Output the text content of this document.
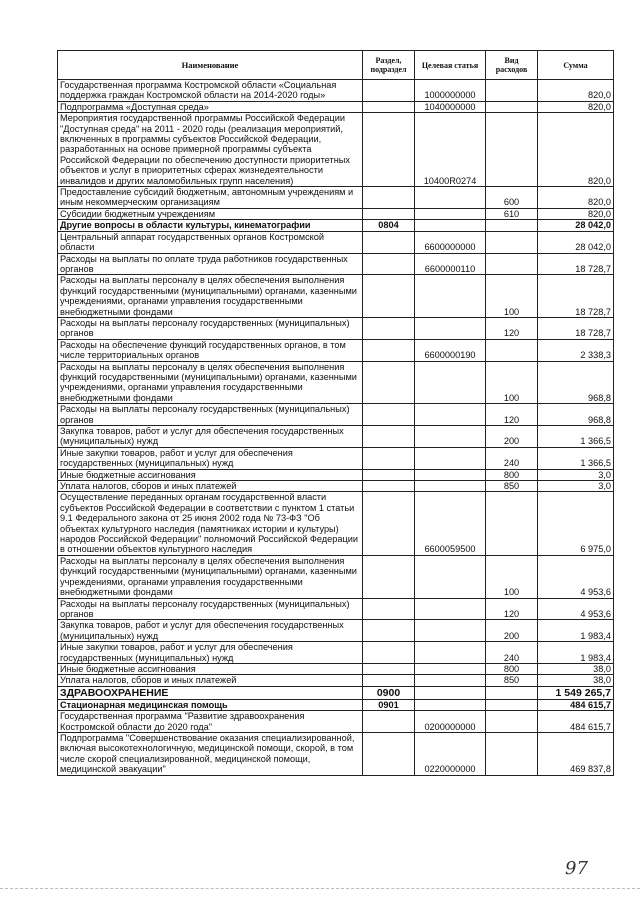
Наименование	Раздел, подраздел	Целевая статья	Вид расходов	Сумма
Государственная программа Костромской области «Социальная поддержка граждан Костромской области на 2014-2020 годы»		1000000000		820,0
Подпрограмма «Доступная среда»		1040000000		820,0
Мероприятия государственной программы Российской Федерации "Доступная среда" на 2011 - 2020 годы (реализация мероприятий, включенных в программы субъектов Российской Федерации, разработанных на основе примерной программы субъекта Российской Федерации по обеспечению доступности приоритетных объектов и услуг в приоритетных сферах жизнедеятельности инвалидов и других маломобильных групп населения)		10400R0274		820,0
Предоставление субсидий бюджетным, автономным учреждениям и иным некоммерческим организациям			600	820,0
Субсидии бюджетным учреждениям			610	820,0
Другие вопросы в области культуры, кинематографии	0804			28 042,0
Центральный аппарат государственных органов Костромской области		6600000000		28 042,0
Расходы на выплаты по оплате труда работников государственных органов		6600000110		18 728,7
Расходы на выплаты персоналу в целях обеспечения выполнения функций государственными (муниципальными) органами, казенными учреждениями, органами управления государственными внебюджетными фондами			100	18 728,7
Расходы на выплаты персоналу государственных (муниципальных) органов			120	18 728,7
Расходы на обеспечение функций государственных органов, в том числе территориальных органов		6600000190		2 338,3
Расходы на выплаты персоналу в целях обеспечения выполнения функций государственными (муниципальными) органами, казенными учреждениями, органами управления государственными внебюджетными фондами			100	968,8
Расходы на выплаты персоналу государственных (муниципальных) органов			120	968,8
Закупка товаров, работ и услуг для обеспечения государственных (муниципальных) нужд			200	1 366,5
Иные закупки товаров, работ и услуг для обеспечения государственных (муниципальных) нужд			240	1 366,5
Иные бюджетные ассигнования			800	3,0
Уплата налогов, сборов и иных платежей			850	3,0
Осуществление переданных органам государственной власти субъектов Российской Федерации в соответствии с пунктом 1 статьи 9.1 Федерального закона от 25 июня 2002 года № 73-ФЗ "Об объектах культурного наследия (памятниках истории и культуры) народов Российской Федерации" полномочий Российской Федерации в отношении объектов культурного наследия		6600059500		6 975,0
Расходы на выплаты персоналу в целях обеспечения выполнения функций государственными (муниципальными) органами, казенными учреждениями, органами управления государственными внебюджетными фондами			100	4 953,6
Расходы на выплаты персоналу государственных (муниципальных) органов			120	4 953,6
Закупка товаров, работ и услуг для обеспечения государственных (муниципальных) нужд			200	1 983,4
Иные закупки товаров, работ и услуг для обеспечения государственных (муниципальных) нужд			240	1 983,4
Иные бюджетные ассигнования			800	38,0
Уплата налогов, сборов и иных платежей			850	38,0
ЗДРАВООХРАНЕНИЕ	0900			1 549 265,7
Стационарная медицинская помощь	0901			484 615,7
Государственная программа "Развитие здравоохранения Костромской области до 2020 года"		0200000000		484 615,7
Подпрограмма "Совершенствование оказания специализированной, включая высокотехнологичную, медицинской помощи, скорой, в том числе скорой специализированной, медицинской помощи, медицинской эвакуации"		0220000000		469 837,8
97
